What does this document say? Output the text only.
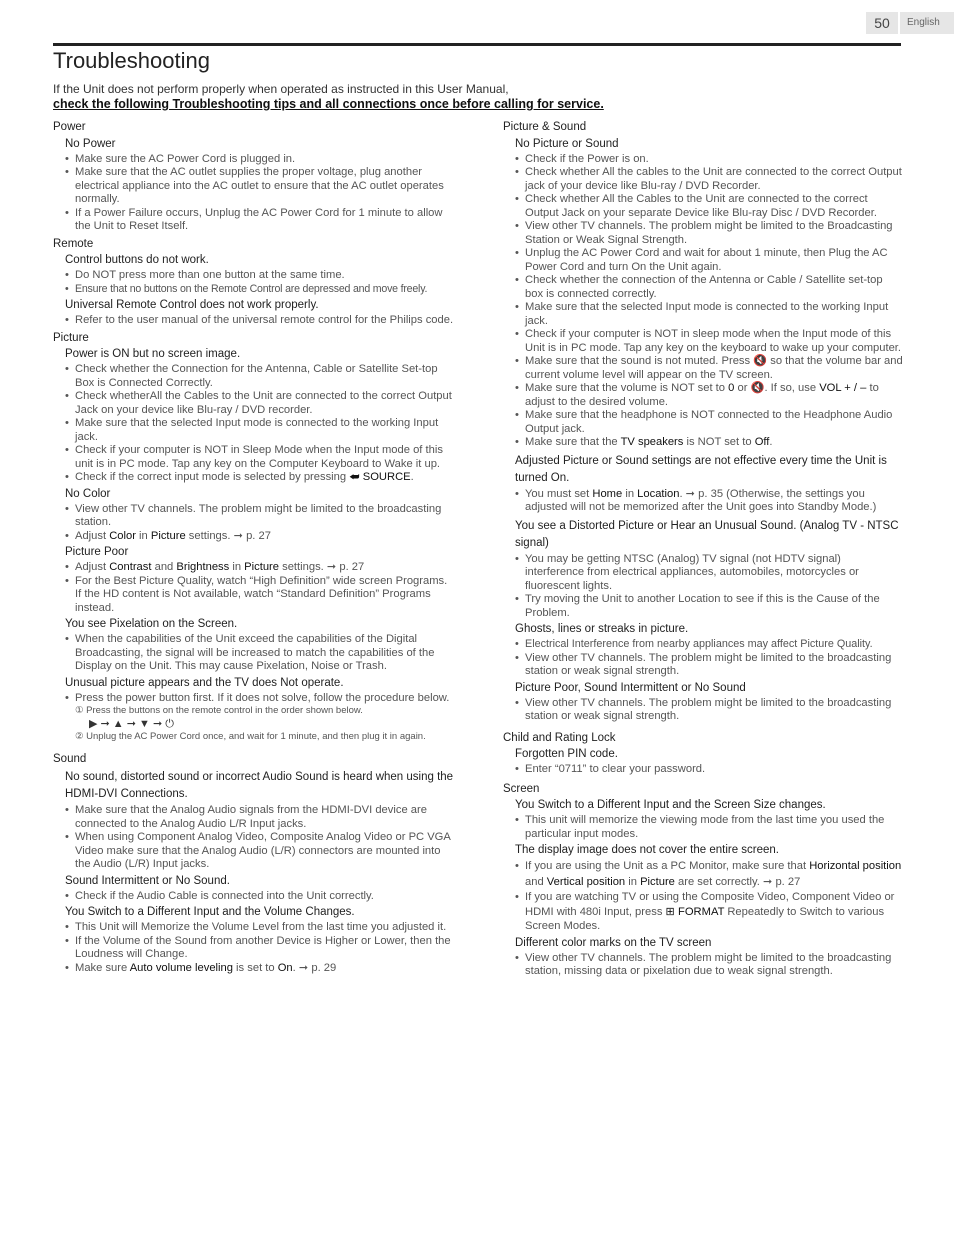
50	English
Troubleshooting
If the Unit does not perform properly when operated as instructed in this User Manual,
check the following Troubleshooting tips and all connections once before calling for service.
Power
No Power
• Make sure the AC Power Cord is plugged in.
• Make sure that the AC outlet supplies the proper voltage, plug another electrical appliance into the AC outlet to ensure that the AC outlet operates normally.
• If a Power Failure occurs, Unplug the AC Power Cord for 1 minute to allow the Unit to Reset Itself.
Remote
Control buttons do not work.
• Do NOT press more than one button at the same time.
• Ensure that no buttons on the Remote Control are depressed and move freely.
Universal Remote Control does not work properly.
• Refer to the user manual of the universal remote control for the Philips code.
Picture
Power is ON but no screen image.
• Check whether the Connection for the Antenna, Cable or Satellite Set-top Box is Connected Correctly.
• Check whetherAll the Cables to the Unit are connected to the correct Output Jack on your device like Blu-ray / DVD recorder.
• Make sure that the selected Input mode is connected to the working Input jack.
• Check if your computer is NOT in Sleep Mode when the Input mode of this unit is in PC mode. Tap any key on the Computer Keyboard to Wake it up.
• Check if the correct input mode is selected by pressing ⮨ SOURCE.
No Color
• View other TV channels. The problem might be limited to the broadcasting station.
• Adjust Color in Picture settings. ➞ p. 27
Picture Poor
• Adjust Contrast and Brightness in Picture settings. ➞ p. 27
• For the Best Picture Quality, watch “High Definition” wide screen Programs. If the HD content is Not available, watch “Standard Definition” Programs instead.
You see Pixelation on the Screen.
• When the capabilities of the Unit exceed the capabilities of the Digital Broadcasting, the signal will be increased to match the capabilities of the Display on the Unit. This may cause Pixelation, Noise or Trash.
Unusual picture appears and the TV does Not operate.
• Press the power button first. If it does not solve, follow the procedure below.
① Press the buttons on the remote control in the order shown below.
▶ ➞ ▲ ➞ ▼ ➞ ⏻
② Unplug the AC Power Cord once, and wait for 1 minute, and then plug it in again.
Sound
No sound, distorted sound or incorrect Audio Sound is heard when using the HDMI-DVI Connections.
• Make sure that the Analog Audio signals from the HDMI-DVI device are connected to the Analog Audio L/R Input jacks.
• When using Component Analog Video, Composite Analog Video or PC VGA Video make sure that the Analog Audio (L/R) connectors are mounted into the Audio (L/R) Input jacks.
Sound Intermittent or No Sound.
• Check if the Audio Cable is connected into the Unit correctly.
You Switch to a Different Input and the Volume Changes.
• This Unit will Memorize the Volume Level from the last time you adjusted it.
• If the Volume of the Sound from another Device is Higher or Lower, then the Loudness will Change.
• Make sure Auto volume leveling is set to On. ➞ p. 29
Picture & Sound
No Picture or Sound
• Check if the Power is on.
• Check whether All the cables to the Unit are connected to the correct Output jack of your device like Blu-ray / DVD Recorder.
• Check whether All the Cables to the Unit are connected to the correct Output Jack on your separate Device like Blu-ray Disc / DVD Recorder.
• View other TV channels. The problem might be limited to the Broadcasting Station or Weak Signal Strength.
• Unplug the AC Power Cord and wait for about 1 minute, then Plug the AC Power Cord and turn On the Unit again.
• Check whether the connection of the Antenna or Cable / Satellite set-top box is connected correctly.
• Make sure that the selected Input mode is connected to the working Input jack.
• Check if your computer is NOT in sleep mode when the Input mode of this Unit is in PC mode. Tap any key on the keyboard to wake up your computer.
• Make sure that the sound is not muted. Press 🔇 so that the volume bar and current volume level will appear on the TV screen.
• Make sure that the volume is NOT set to 0 or 🔇. If so, use VOL + / – to adjust to the desired volume.
• Make sure that the headphone is NOT connected to the Headphone Audio Output jack.
• Make sure that the TV speakers is NOT set to Off.
Adjusted Picture or Sound settings are not effective every time the Unit is turned On.
• You must set Home in Location. ➞ p. 35 (Otherwise, the settings you adjusted will not be memorized after the Unit goes into Standby Mode.)
You see a Distorted Picture or Hear an Unusual Sound. (Analog TV - NTSC signal)
• You may be getting NTSC (Analog) TV signal (not HDTV signal) interference from electrical appliances, automobiles, motorcycles or fluorescent lights.
• Try moving the Unit to another Location to see if this is the Cause of the Problem.
Ghosts, lines or streaks in picture.
• Electrical Interference from nearby appliances may affect Picture Quality.
• View other TV channels. The problem might be limited to the broadcasting station or weak signal strength.
Picture Poor, Sound Intermittent or No Sound
• View other TV channels. The problem might be limited to the broadcasting station or weak signal strength.
Child and Rating Lock
Forgotten PIN code.
• Enter “0711” to clear your password.
Screen
You Switch to a Different Input and the Screen Size changes.
• This unit will memorize the viewing mode from the last time you used the particular input modes.
The display image does not cover the entire screen.
• If you are using the Unit as a PC Monitor, make sure that Horizontal position and Vertical position in Picture are set correctly. ➞ p. 27
• If you are watching TV or using the Composite Video, Component Video or HDMI with 480i Input, press ⊞ FORMAT Repeatedly to Switch to various Screen Modes.
Different color marks on the TV screen
• View other TV channels. The problem might be limited to the broadcasting station, missing data or pixelation due to weak signal strength.
